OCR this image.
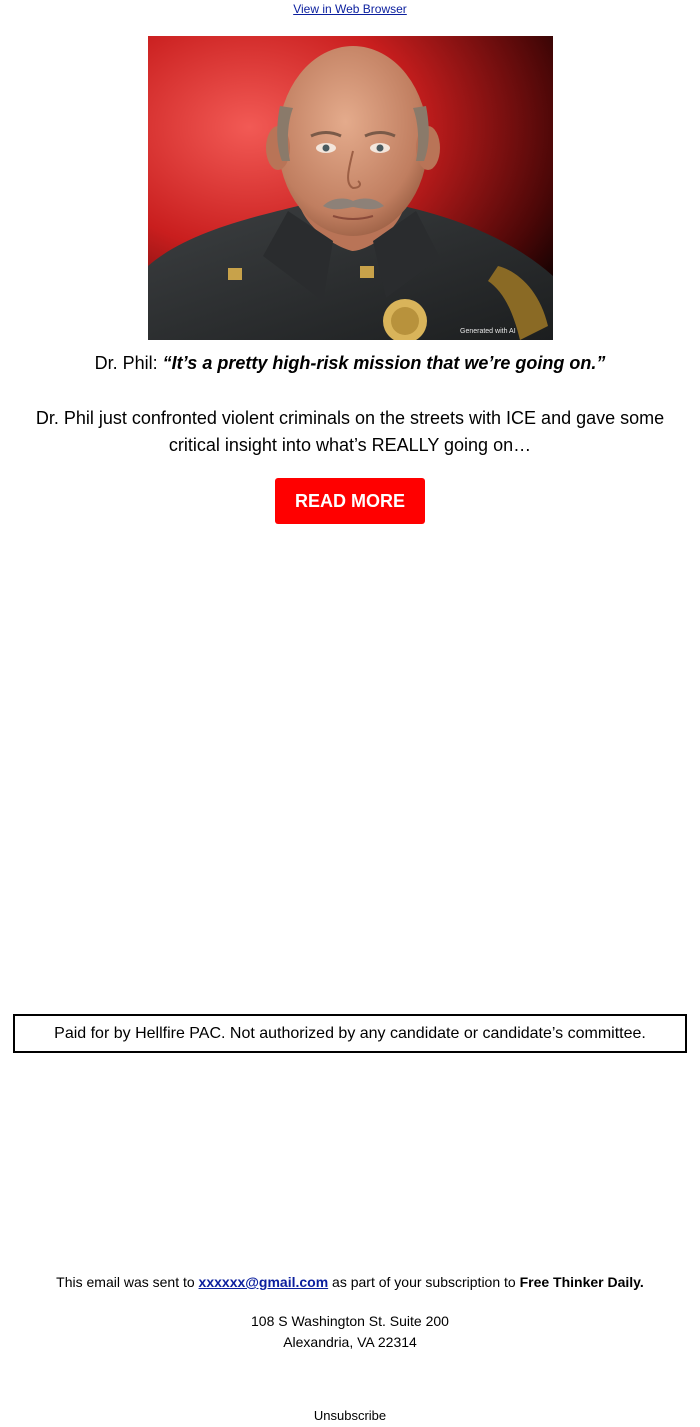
View in Web Browser
Generated with AI
Dr. Phil: “It’s a pretty high-risk mission that we’re going on.”
Dr. Phil just confronted violent criminals on the streets with ICE and gave some critical insight into what’s REALLY going on…
READ MORE
Paid for by Hellfire PAC. Not authorized by any candidate or candidate’s committee.
This email was sent to xxxxxx@gmail.com as part of your subscription to Free Thinker Daily.
108 S Washington St. Suite 200
Alexandria, VA 22314
Unsubscribe
